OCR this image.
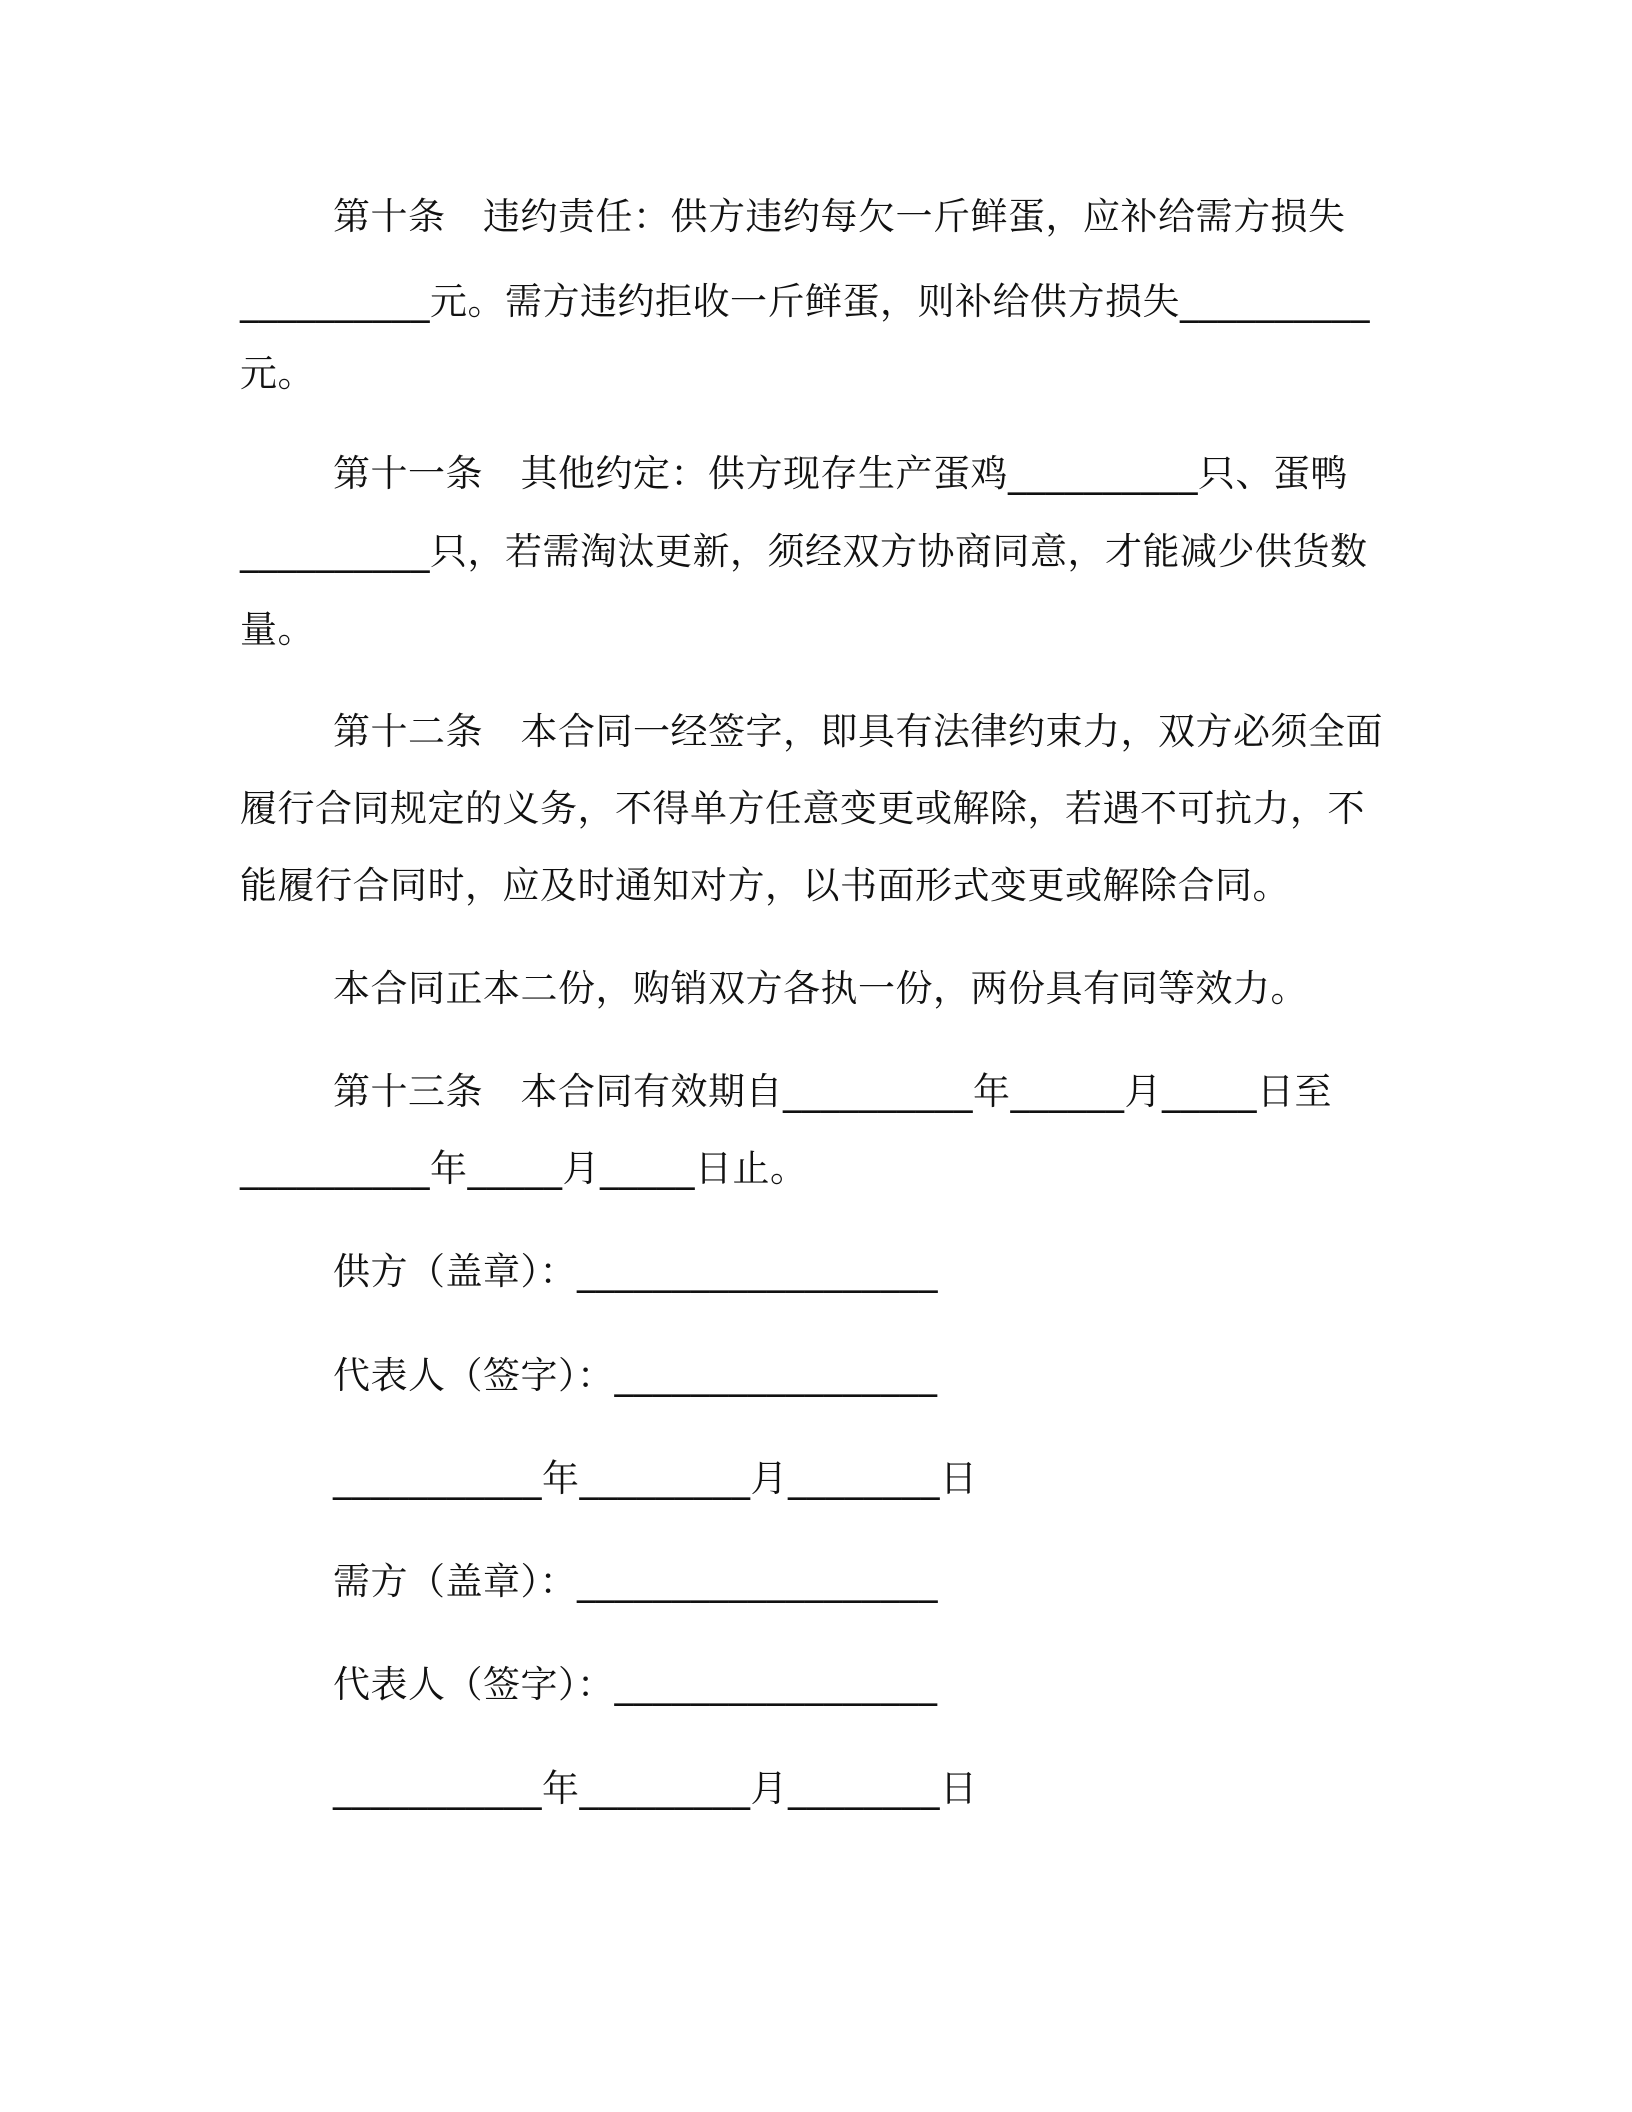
第十条　违约责任：供方违约每欠一斤鲜蛋，应补给需方损失
__________元。需方违约拒收一斤鲜蛋，则补给供方损失__________
元。
第十一条　其他约定：供方现存生产蛋鸡__________只、蛋鸭
__________只，若需淘汰更新，须经双方协商同意，才能减少供货数
量。
第十二条　本合同一经签字，即具有法律约束力，双方必须全面
履行合同规定的义务，不得单方任意变更或解除，若遇不可抗力，不
能履行合同时，应及时通知对方，以书面形式变更或解除合同。
本合同正本二份，购销双方各执一份，两份具有同等效力。
第十三条　本合同有效期自__________年______月_____日至
__________年_____月_____日止。
供方（盖章）：___________________
代表人（签字）：_________________
___________年_________月________日
需方（盖章）：___________________
代表人（签字）：_________________
___________年_________月________日
